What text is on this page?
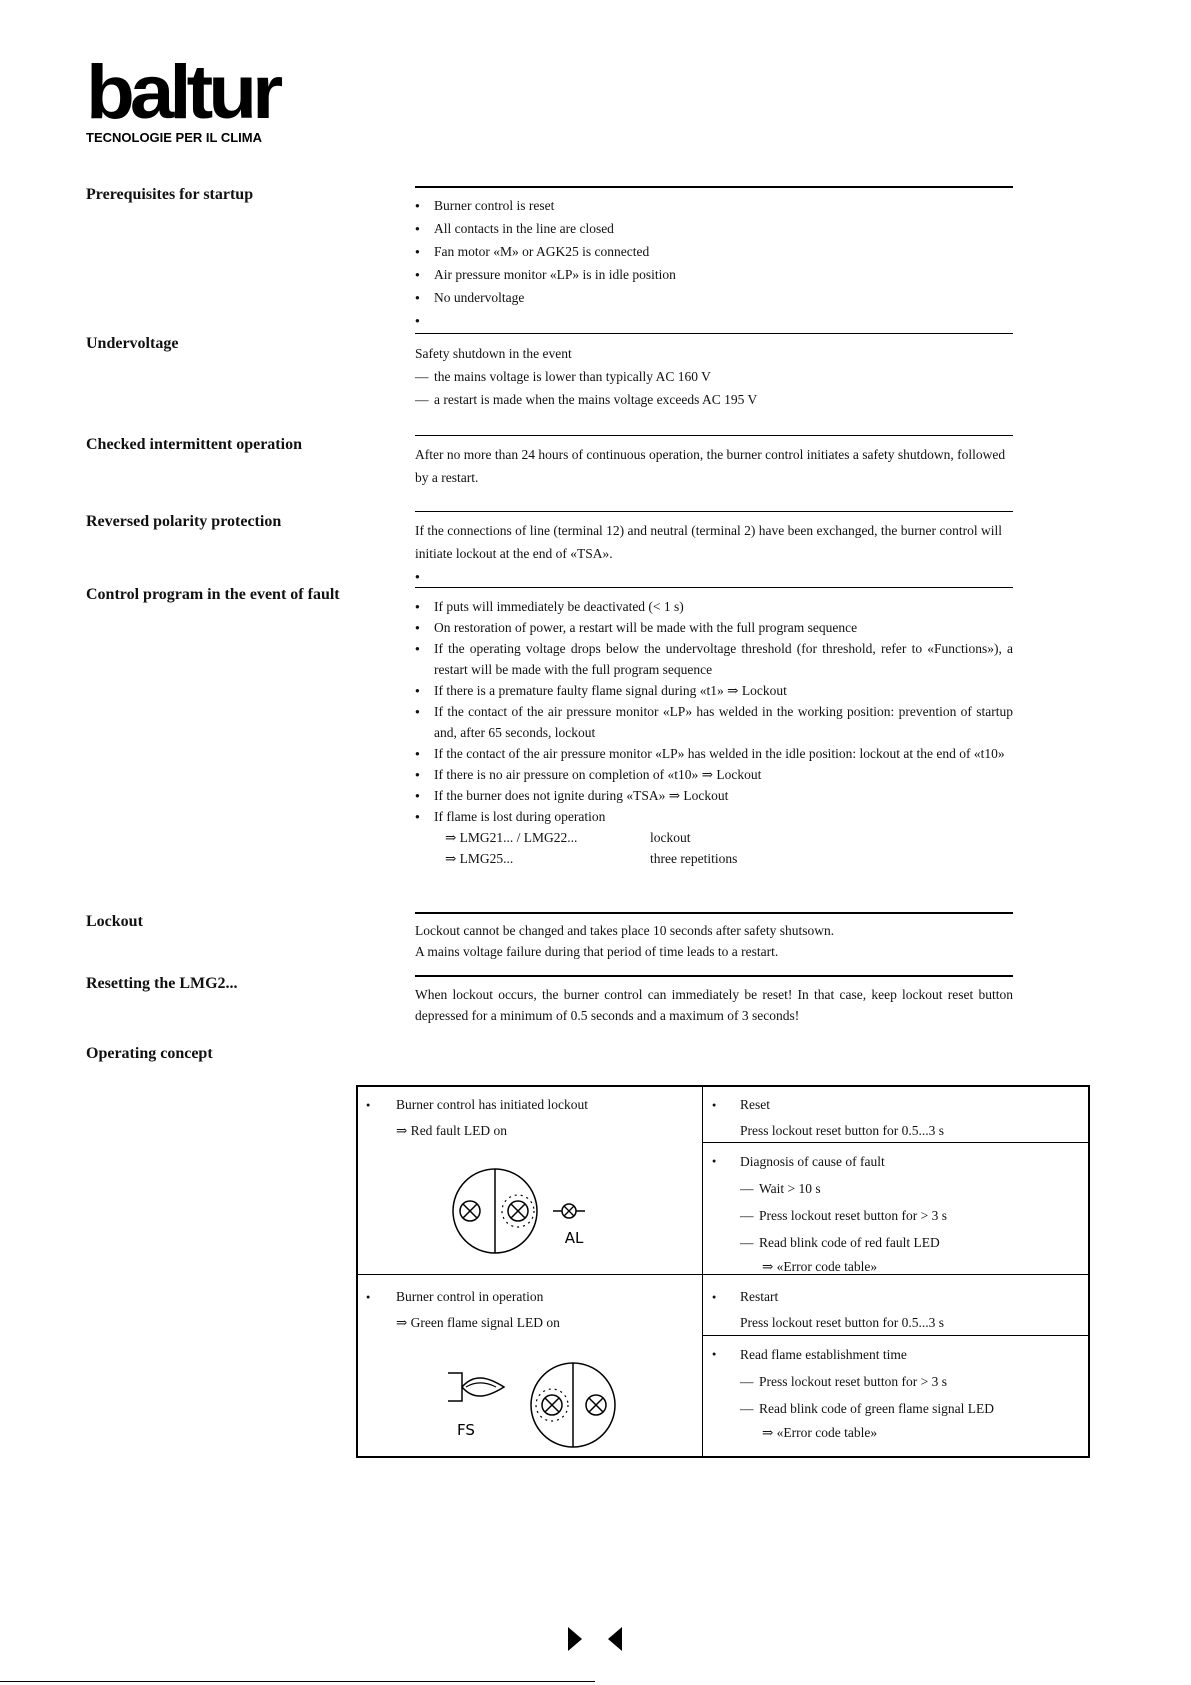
baltur
TECNOLOGIE PER IL CLIMA
Prerequisites for startup
● Burner control is reset
● All contacts in the line are closed
● Fan motor «M» or AGK25 is connected
● Air pressure monitor «LP» is in idle position
● No undervoltage
●
Undervoltage
Safety shutdown in the event
— the mains voltage is lower than typically AC 160 V
— a restart is made when the mains voltage exceeds AC 195 V
Checked intermittent operation
After no more than 24 hours of continuous operation, the burner control initiates a safety shutdown, followed by a restart.
Reversed polarity protection
If the connections of line (terminal 12) and neutral (terminal 2) have been exchanged, the burner control will initiate lockout at the end of «TSA».
●
Control program in the event of fault
● If puts will immediately be deactivated (< 1 s)
● On restoration of power, a restart will be made with the full program sequence
● If the operating voltage drops below the undervoltage threshold (for threshold, refer to «Functions»), a restart will be made with the full program sequence
● If there is a premature faulty flame signal during «t1» ⇒ Lockout
● If the contact of the air pressure monitor «LP» has welded in the working position: prevention of startup and, after 65 seconds, lockout
● If the contact of the air pressure monitor «LP» has welded in the idle position: lockout at the end of «t10»
● If there is no air pressure on completion of «t10» ⇒ Lockout
● If the burner does not ignite during «TSA» ⇒ Lockout
● If flame is lost during operation
⇒ LMG21... / LMG22...	lockout
⇒ LMG25...	three repetitions
Lockout
Lockout cannot be changed and takes place 10 seconds after safety shutsown.
A mains voltage failure during that period of time leads to a restart.
Resetting the LMG2...
When lockout occurs, the burner control can immediately be reset! In that case, keep lockout reset button depressed for a minimum of 0.5 seconds and a maximum of 3 seconds!
Operating concept
● Burner control has initiated lockout
⇒ Red fault LED on
AL
● Reset
Press lockout reset button for 0.5...3 s
● Diagnosis of cause of fault
— Wait > 10 s
— Press lockout reset button for > 3 s
— Read blink code of red fault LED
⇒ «Error code table»
● Burner control in operation
⇒ Green flame signal LED on
FS
● Restart
Press lockout reset button for 0.5...3 s
● Read flame establishment time
— Press lockout reset button for > 3 s
— Read blink code of green flame signal LED
⇒ «Error code table»
